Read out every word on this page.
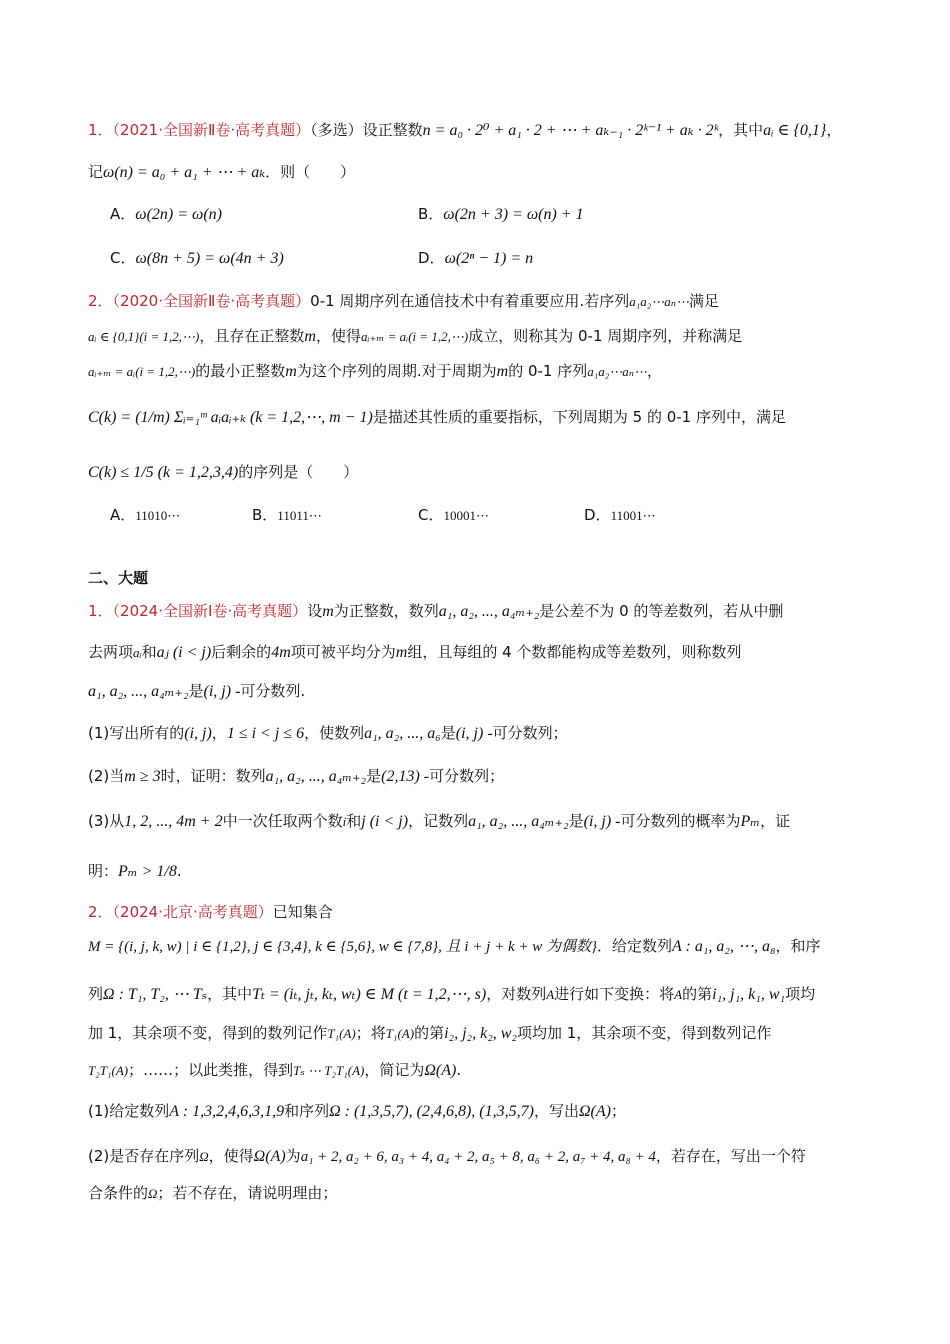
1．（2021·全国新Ⅱ卷·高考真题）（多选）设正整数n = a₀ · 2⁰ + a₁ · 2 + ⋯ + aₖ₋₁ · 2ᵏ⁻¹ + aₖ · 2ᵏ，其中aᵢ ∈ {0,1}，
记ω(n) = a₀ + a₁ + ⋯ + aₖ．则（　　）
A．ω(2n) = ω(n)	B．ω(2n + 3) = ω(n) + 1
C．ω(8n + 5) = ω(4n + 3)	D．ω(2ⁿ − 1) = n
2．（2020·全国新Ⅱ卷·高考真题）0-1 周期序列在通信技术中有着重要应用.若序列a₁a₂⋯aₙ⋯满足
aᵢ ∈ {0,1}(i = 1,2,⋯)，且存在正整数m，使得aᵢ₊ₘ = aᵢ(i = 1,2,⋯)成立，则称其为 0-1 周期序列，并称满足
aᵢ₊ₘ = aᵢ(i = 1,2,⋯)的最小正整数m为这个序列的周期.对于周期为m的 0-1 序列a₁a₂⋯aₙ⋯，
C(k) = (1/m) Σᵢ₌₁ᵐ aᵢaᵢ₊ₖ (k = 1,2,⋯, m − 1)是描述其性质的重要指标，下列周期为 5 的 0-1 序列中，满足
C(k) ≤ 1/5 (k = 1,2,3,4)的序列是（　　）
A．11010⋯	B．11011⋯	C．10001⋯	D．11001⋯
二、大题
1．（2024·全国新Ⅰ卷·高考真题）设m为正整数，数列a₁, a₂, ..., a₄ₘ₊₂是公差不为 0 的等差数列，若从中删
去两项aᵢ和aⱼ (i < j)后剩余的4m项可被平均分为m组，且每组的 4 个数都能构成等差数列，则称数列
a₁, a₂, ..., a₄ₘ₊₂是(i, j) -可分数列.
(1)写出所有的(i, j)，1 ≤ i < j ≤ 6，使数列a₁, a₂, ..., a₆是(i, j) -可分数列；
(2)当m ≥ 3时，证明：数列a₁, a₂, ..., a₄ₘ₊₂是(2,13) -可分数列；
(3)从1, 2, ..., 4m + 2中一次任取两个数i和j (i < j)，记数列a₁, a₂, ..., a₄ₘ₊₂是(i, j) -可分数列的概率为Pₘ，证
明：Pₘ > 1/8.
2．（2024·北京·高考真题）已知集合
M = {(i, j, k, w) | i ∈ {1,2}, j ∈ {3,4}, k ∈ {5,6}, w ∈ {7,8}, 且 i + j + k + w 为偶数}．给定数列A : a₁, a₂, ⋯, a₈，和序
列Ω : T₁, T₂, ⋯ Tₛ，其中Tₜ = (iₜ, jₜ, kₜ, wₜ) ∈ M (t = 1,2,⋯, s)，对数列A进行如下变换：将A的第i₁, j₁, k₁, w₁项均
加 1，其余项不变，得到的数列记作T₁(A)；将T₁(A)的第i₂, j₂, k₂, w₂项均加 1，其余项不变，得到数列记作
T₂T₁(A)；……；以此类推，得到Tₛ ⋯ T₂T₁(A)，简记为Ω(A).
(1)给定数列A : 1,3,2,4,6,3,1,9和序列Ω : (1,3,5,7), (2,4,6,8), (1,3,5,7)，写出Ω(A)；
(2)是否存在序列Ω，使得Ω(A)为a₁ + 2, a₂ + 6, a₃ + 4, a₄ + 2, a₅ + 8, a₆ + 2, a₇ + 4, a₈ + 4，若存在，写出一个符
合条件的Ω；若不存在，请说明理由；
